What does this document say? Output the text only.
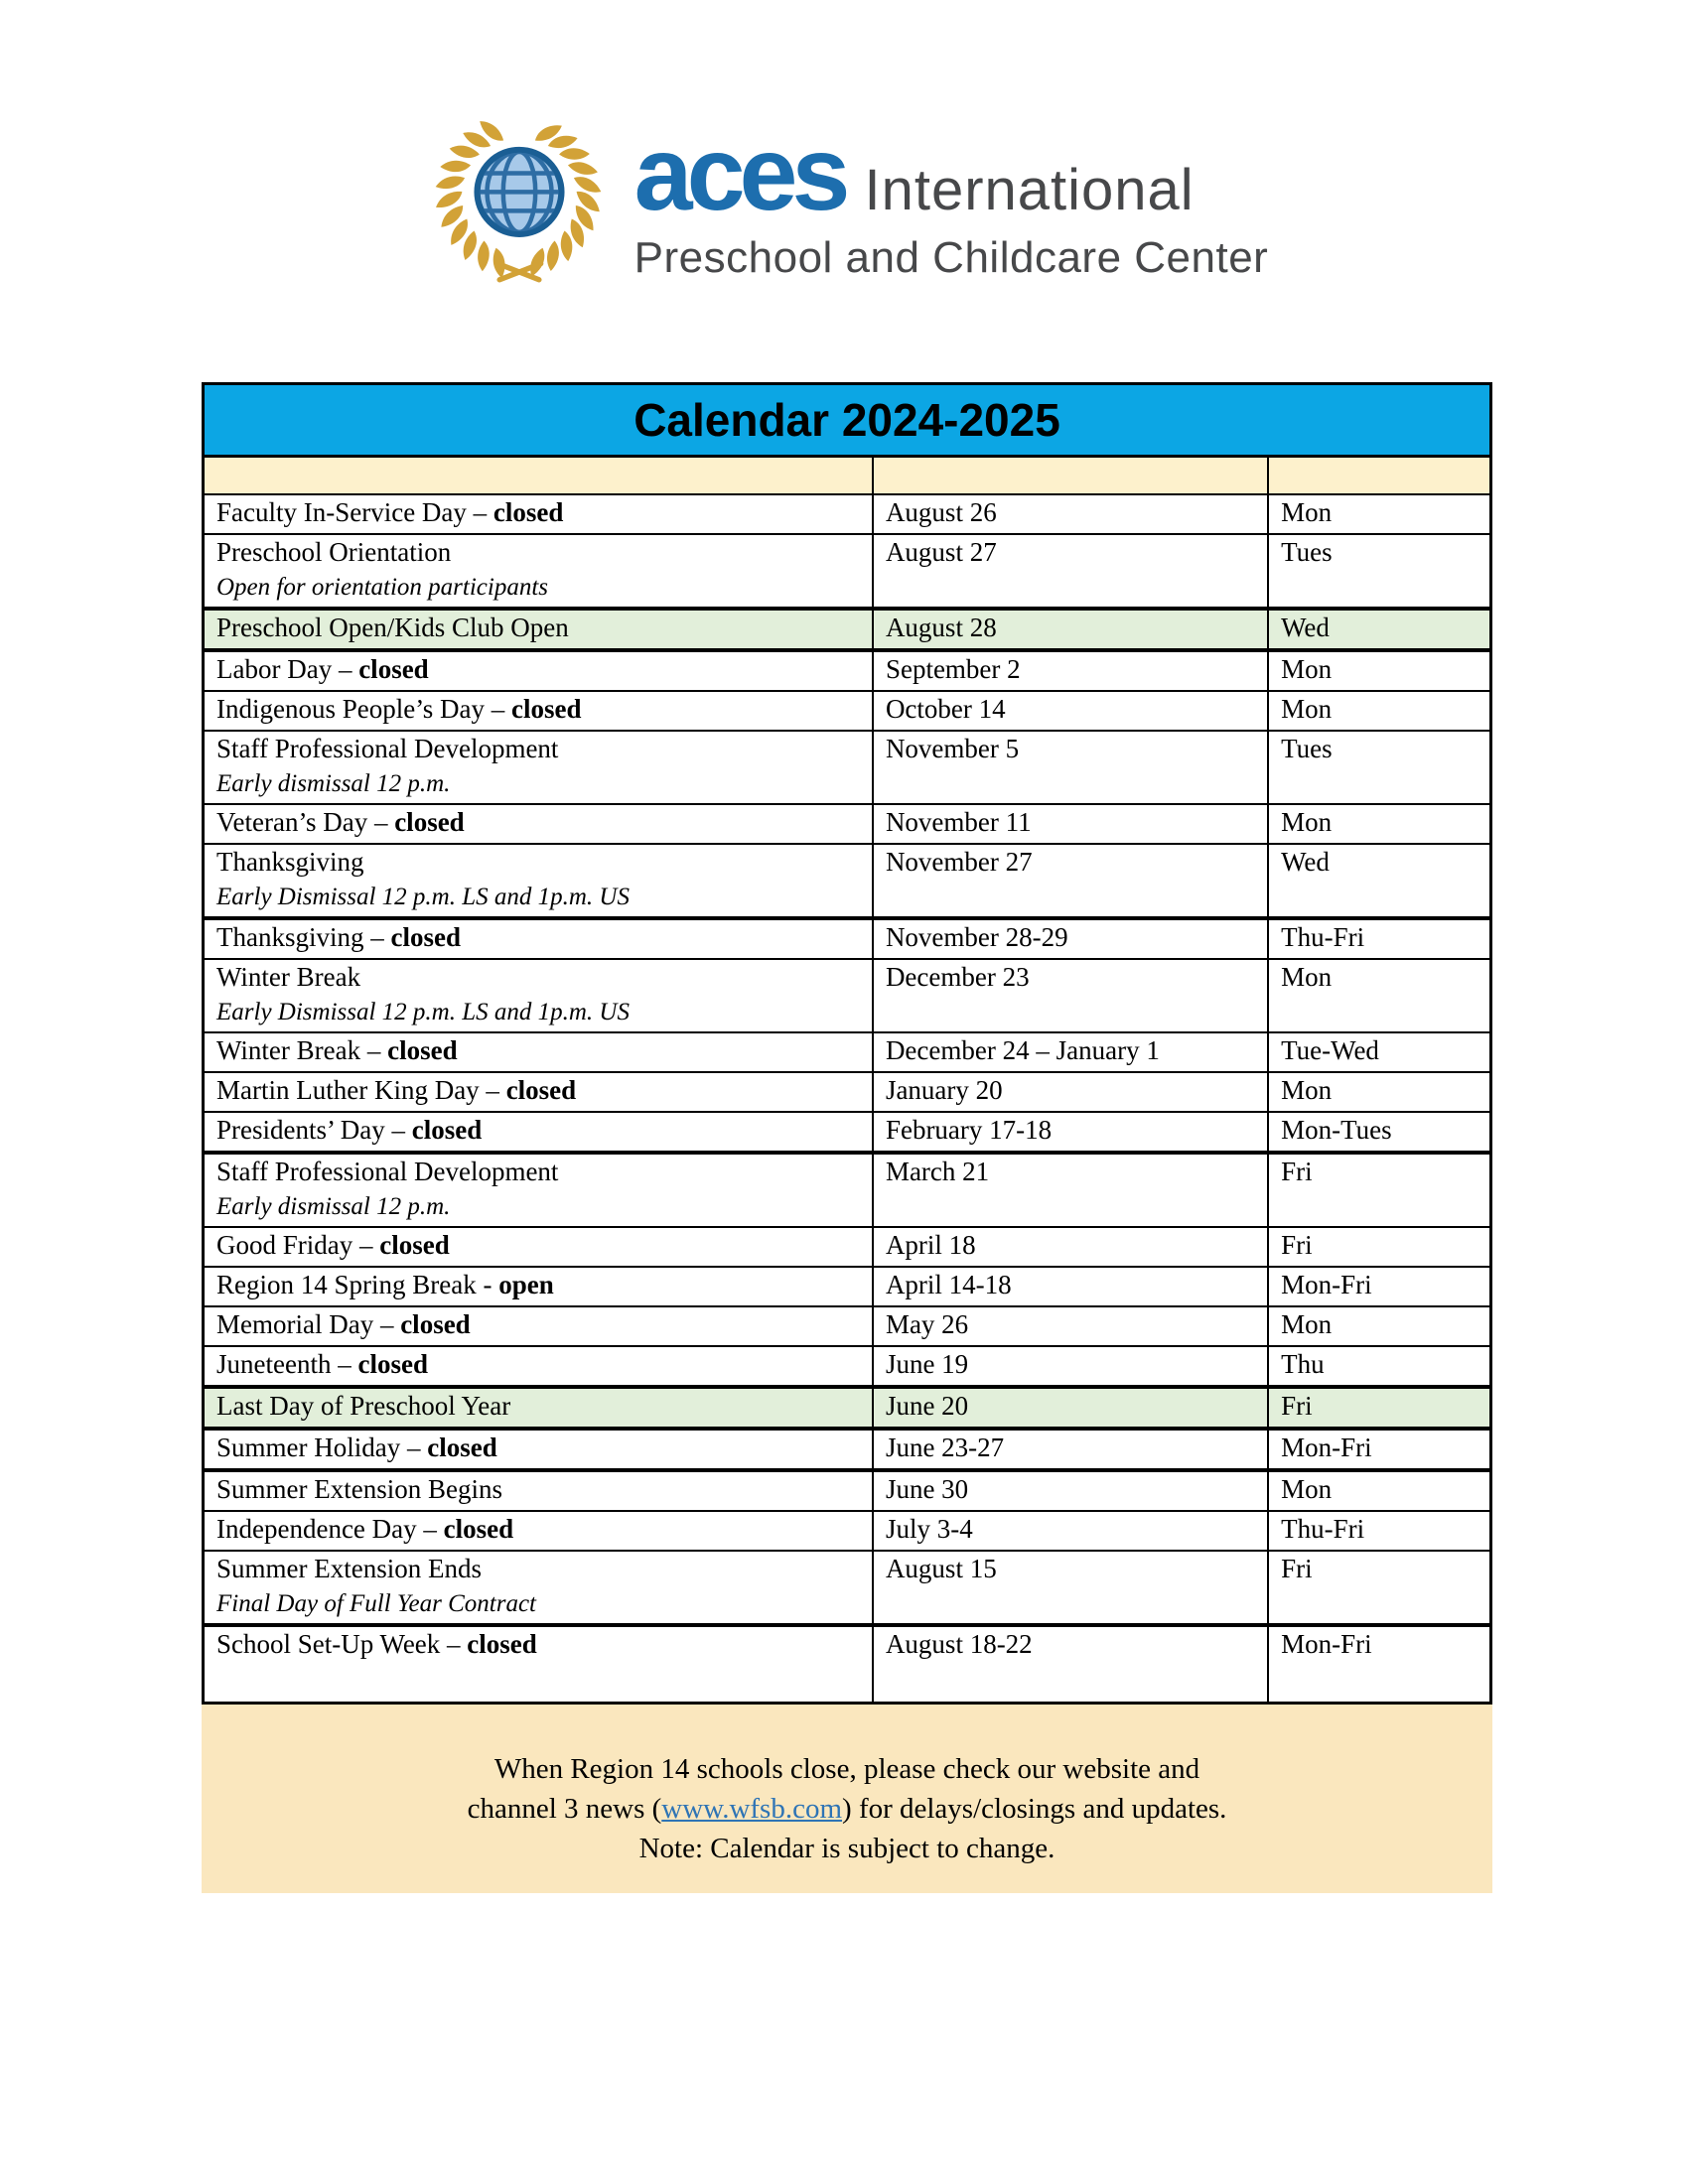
aces International
Preschool and Childcare Center
Calendar 2024-2025		

Faculty In-Service Day – closed	August 26	Mon
Preschool Orientation
Open for orientation participants	August 27	Tues
Preschool Open/Kids Club Open	August 28	Wed
Labor Day – closed	September 2	Mon
Indigenous People’s Day – closed	October 14	Mon
Staff Professional Development
Early dismissal 12 p.m.	November 5	Tues
Veteran’s Day – closed	November 11	Mon
Thanksgiving
Early Dismissal 12 p.m. LS and 1p.m. US	November 27	Wed
Thanksgiving – closed	November 28-29	Thu-Fri
Winter Break
Early Dismissal 12 p.m. LS and 1p.m. US	December 23	Mon
Winter Break – closed	December 24 – January 1	Tue-Wed
Martin Luther King Day – closed	January 20	Mon
Presidents’ Day – closed	February 17-18	Mon-Tues
Staff Professional Development
Early dismissal 12 p.m.	March 21	Fri
Good Friday – closed	April 18	Fri
Region 14 Spring Break - open	April 14-18	Mon-Fri
Memorial Day – closed	May 26	Mon
Juneteenth – closed	June 19	Thu
Last Day of Preschool Year	June 20	Fri
Summer Holiday – closed	June 23-27	Mon-Fri
Summer Extension Begins	June 30	Mon
Independence Day – closed	July 3-4	Thu-Fri
Summer Extension Ends
Final Day of Full Year Contract	August 15	Fri
School Set-Up Week – closed	August 18-22	Mon-Fri
When Region 14 schools close, please check our website and
channel 3 news (www.wfsb.com) for delays/closings and updates.
Note: Calendar is subject to change.
